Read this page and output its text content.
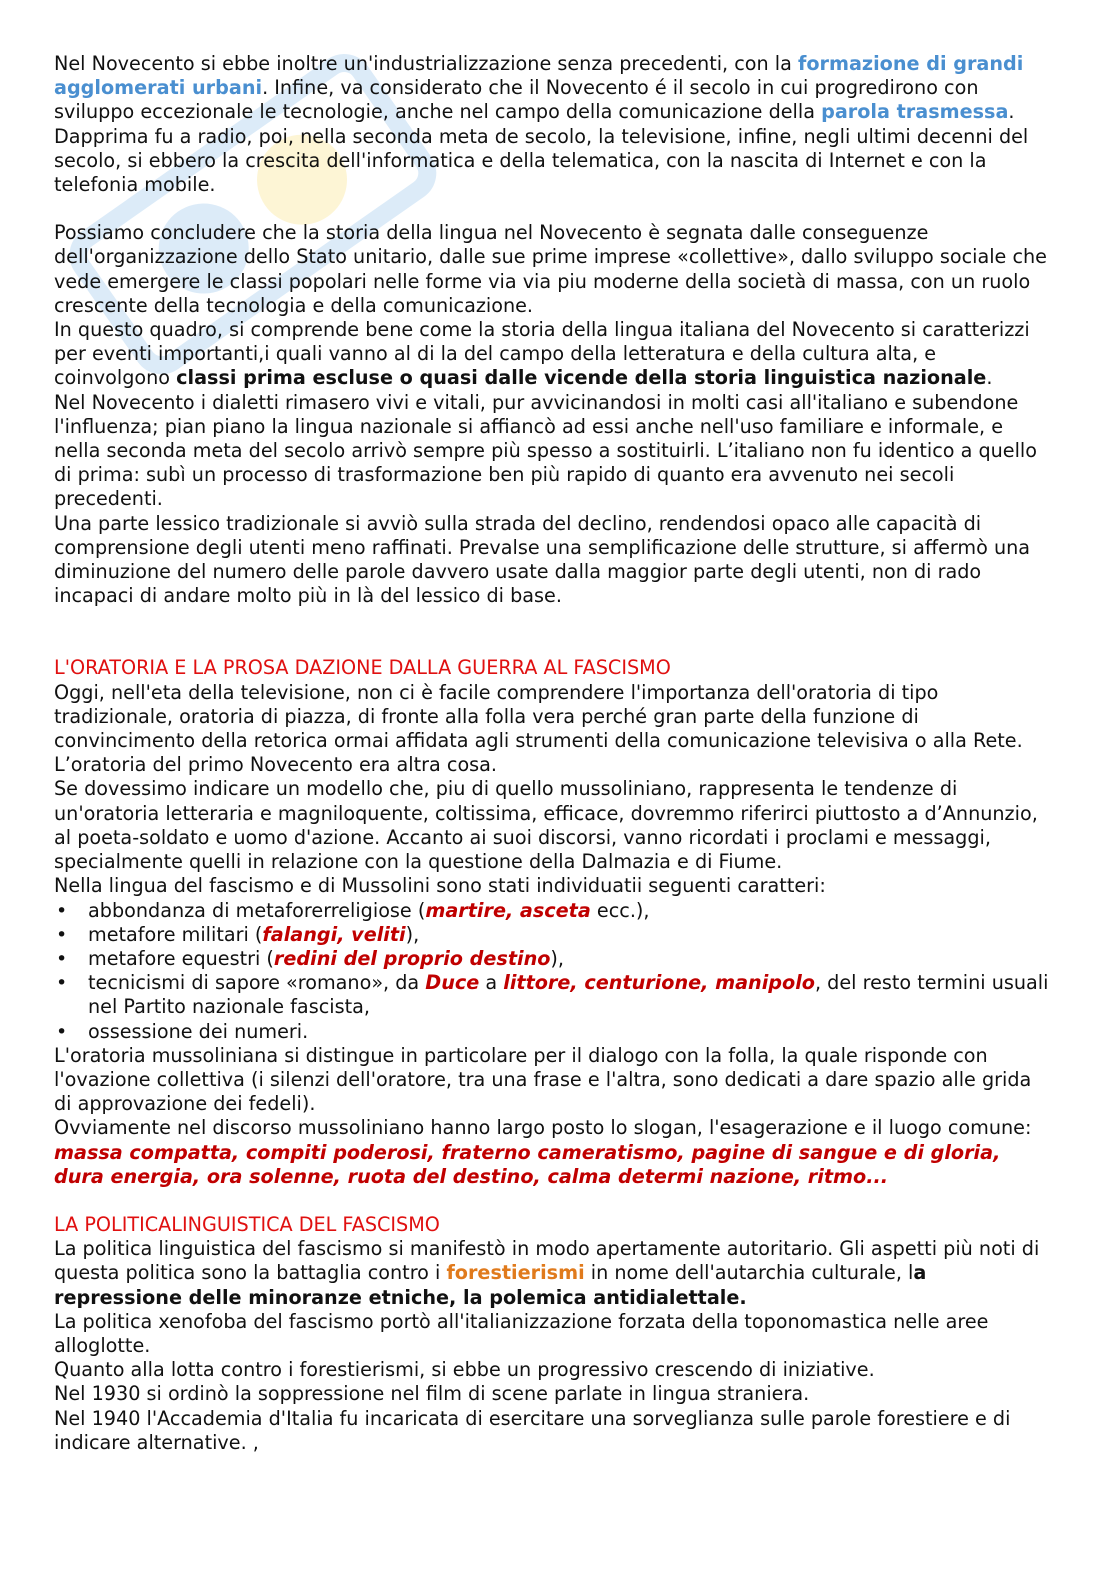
Nel Novecento si ebbe inoltre un'industrializzazione senza precedenti, con la formazione di grandi agglomerati urbani. Infine, va considerato che il Novecento é il secolo in cui progredirono con sviluppo eccezionale le tecnologie, anche nel campo della comunicazione della parola trasmessa. Dapprima fu a radio, poi, nella seconda meta de secolo, la televisione, infine, negli ultimi decenni del secolo, si ebbero la crescita dell'informatica e della telematica, con la nascita di Internet e con la telefonia mobile.

Possiamo concludere che la storia della lingua nel Novecento è segnata dalle conseguenze dell'organizzazione dello Stato unitario, dalle sue prime imprese «collettive», dallo sviluppo sociale che vede emergere le classi popolari nelle forme via via piu moderne della società di massa, con un ruolo crescente della tecnologia e della comunicazione.

In questo quadro, si comprende bene come la storia della lingua italiana del Novecento si caratterizzi per eventi importanti,i quali vanno al di la del campo della letteratura e della cultura alta, e coinvolgono classi prima escluse o quasi dalle vicende della storia linguistica nazionale.

Nel Novecento i dialetti rimasero vivi e vitali, pur avvicinandosi in molti casi all'italiano e subendone l'influenza; pian piano la lingua nazionale si affiancò ad essi anche nell'uso familiare e informale, e nella seconda meta del secolo arrivò sempre più spesso a sostituirli. L’italiano non fu identico a quello di prima: subì un processo di trasformazione ben più rapido di quanto era avvenuto nei secoli precedenti.

Una parte lessico tradizionale si avviò sulla strada del declino, rendendosi opaco alle capacità di comprensione degli utenti meno raffinati. Prevalse una semplificazione delle strutture, si affermò una diminuzione del numero delle parole davvero usate dalla maggior parte degli utenti, non di rado incapaci di andare molto più in là del lessico di base.

L'ORATORIA E LA PROSA DAZIONE DALLA GUERRA AL FASCISMO

Oggi, nell'eta della televisione, non ci è facile comprendere l'importanza dell'oratoria di tipo tradizionale, oratoria di piazza, di fronte alla folla vera perché gran parte della funzione di convincimento della retorica ormai affidata agli strumenti della comunicazione televisiva o alla Rete.

L’oratoria del primo Novecento era altra cosa.

Se dovessimo indicare un modello che, piu di quello mussoliniano, rappresenta le tendenze di un'oratoria letteraria e magniloquente, coltissima, efficace, dovremmo riferirci piuttosto a d’Annunzio, al poeta-soldato e uomo d'azione. Accanto ai suoi discorsi, vanno ricordati i proclami e messaggi, specialmente quelli in relazione con la questione della Dalmazia e di Fiume.

Nella lingua del fascismo e di Mussolini sono stati individuatii seguenti caratteri:

• abbondanza di metaforerreligiose (martire, asceta ecc.),
• metafore militari (falangi, veliti),
• metafore equestri (redini del proprio destino),
• tecnicismi di sapore «romano», da Duce a littore, centurione, manipolo, del resto termini usuali nel Partito nazionale fascista,
• ossessione dei numeri.

L'oratoria mussoliniana si distingue in particolare per il dialogo con la folla, la quale risponde con l'ovazione collettiva (i silenzi dell'oratore, tra una frase e l'altra, sono dedicati a dare spazio alle grida di approvazione dei fedeli).

Ovviamente nel discorso mussoliniano hanno largo posto lo slogan, l'esagerazione e il luogo comune: massa compatta, compiti poderosi, fraterno cameratismo, pagine di sangue e di gloria, dura energia, ora solenne, ruota del destino, calma determi nazione, ritmo...

LA POLITICALINGUISTICA DEL FASCISMO

La politica linguistica del fascismo si manifestò in modo apertamente autoritario. Gli aspetti più noti di questa politica sono la battaglia contro i forestierismi in nome dell'autarchia culturale, la repressione delle minoranze etniche, la polemica antidialettale.

La politica xenofoba del fascismo portò all'italianizzazione forzata della toponomastica nelle aree alloglotte.

Quanto alla lotta contro i forestierismi, si ebbe un progressivo crescendo di iniziative.

Nel 1930 si ordinò la soppressione nel film di scene parlate in lingua straniera.

Nel 1940 l'Accademia d'Italia fu incaricata di esercitare una sorveglianza sulle parole forestiere e di indicare alternative. ,
